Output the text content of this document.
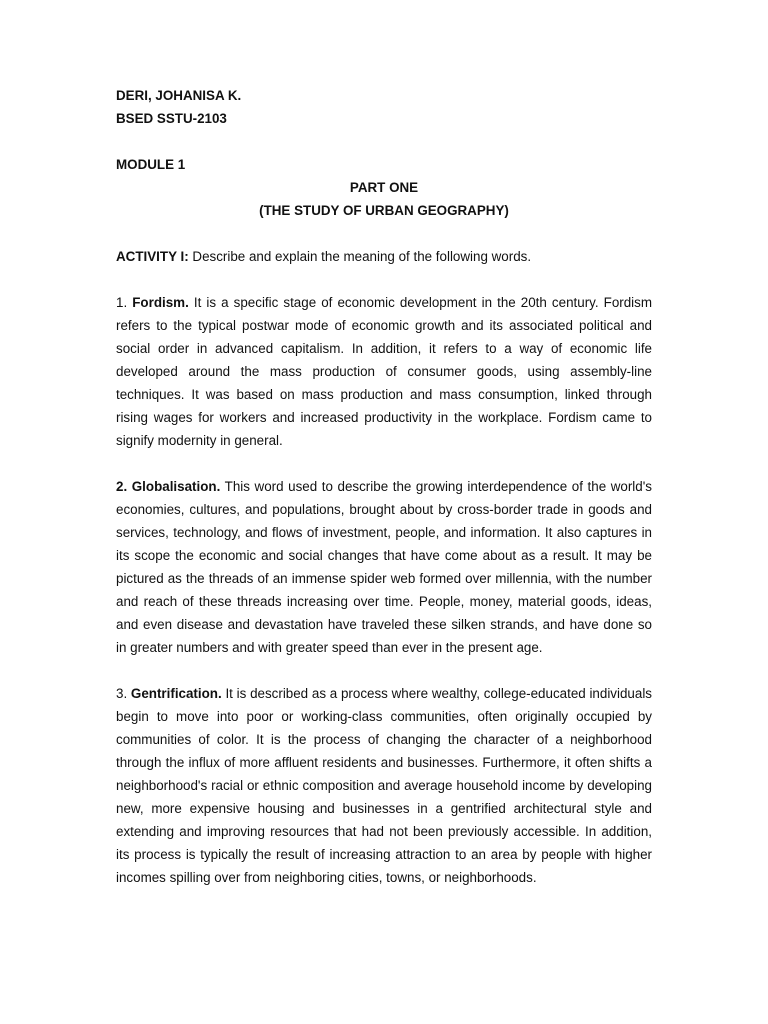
DERI, JOHANISA K.

BSED SSTU-2103

MODULE 1

PART ONE

(THE STUDY OF URBAN GEOGRAPHY)

ACTIVITY I: Describe and explain the meaning of the following words.

1. Fordism. It is a specific stage of economic development in the 20th century. Fordism refers to the typical postwar mode of economic growth and its associated political and social order in advanced capitalism. In addition, it refers to a way of economic life developed around the mass production of consumer goods, using assembly-line techniques. It was based on mass production and mass consumption, linked through rising wages for workers and increased productivity in the workplace. Fordism came to signify modernity in general.

2. Globalisation. This word used to describe the growing interdependence of the world's economies, cultures, and populations, brought about by cross-border trade in goods and services, technology, and flows of investment, people, and information. It also captures in its scope the economic and social changes that have come about as a result. It may be pictured as the threads of an immense spider web formed over millennia, with the number and reach of these threads increasing over time. People, money, material goods, ideas, and even disease and devastation have traveled these silken strands, and have done so in greater numbers and with greater speed than ever in the present age.

3. Gentrification. It is described as a process where wealthy, college-educated individuals begin to move into poor or working-class communities, often originally occupied by communities of color. It is the process of changing the character of a neighborhood through the influx of more affluent residents and businesses. Furthermore, it often shifts a neighborhood's racial or ethnic composition and average household income by developing new, more expensive housing and businesses in a gentrified architectural style and extending and improving resources that had not been previously accessible. In addition, its process is typically the result of increasing attraction to an area by people with higher incomes spilling over from neighboring cities, towns, or neighborhoods.
